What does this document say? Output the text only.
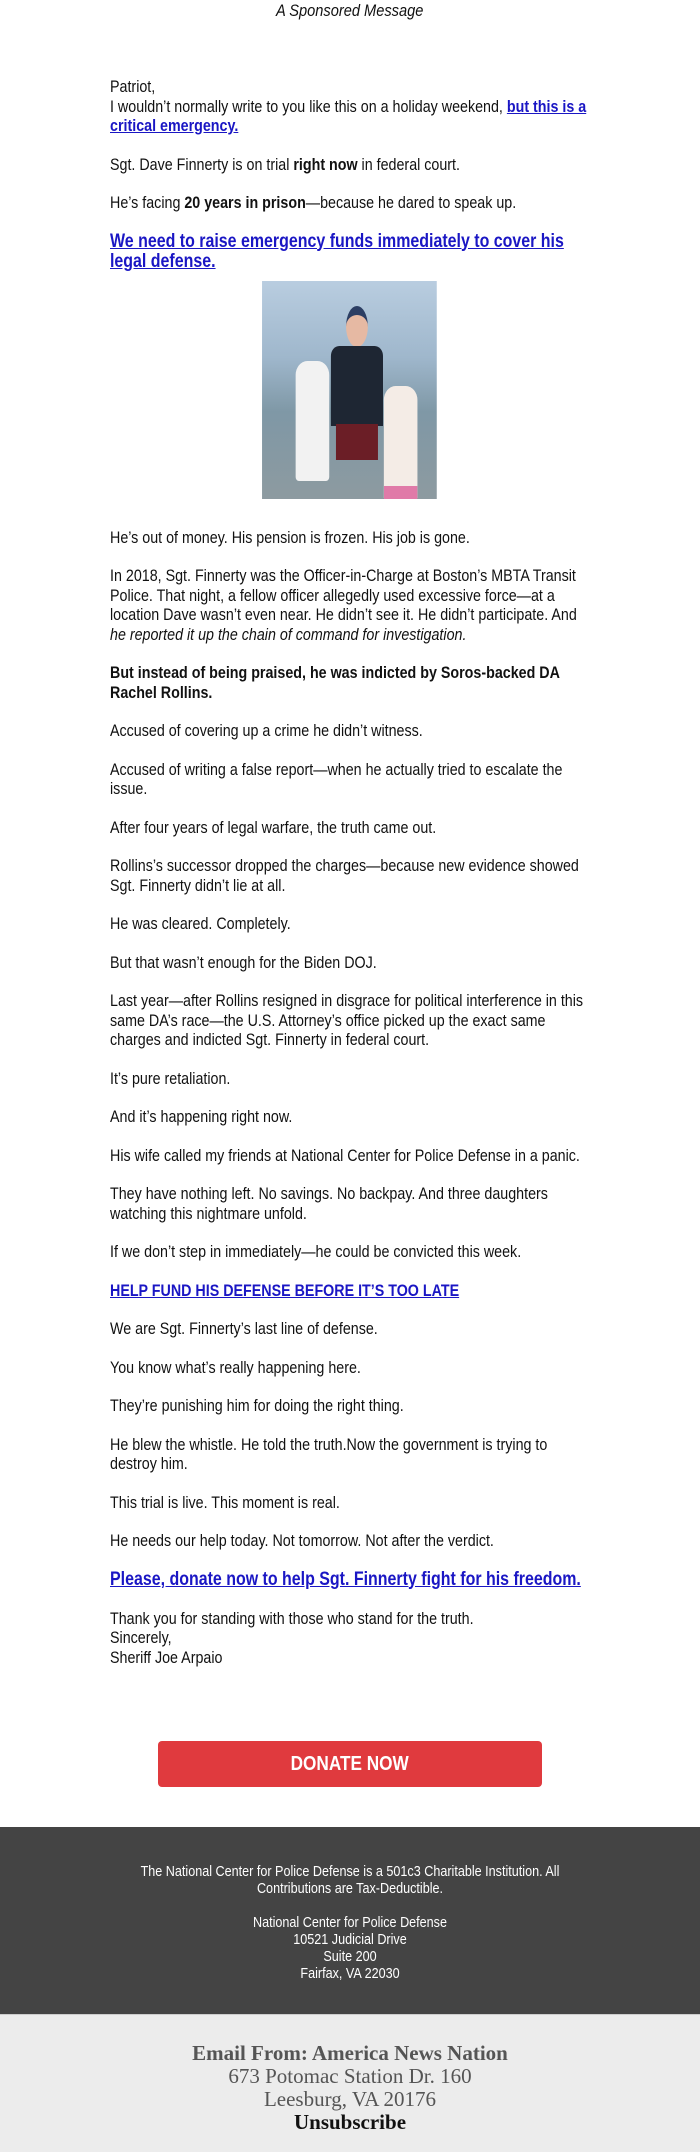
A Sponsored Message

Patriot,
I wouldn’t normally write to you like this on a holiday weekend, but this is a critical emergency.

Sgt. Dave Finnerty is on trial right now in federal court.

He’s facing 20 years in prison—because he dared to speak up.

We need to raise emergency funds immediately to cover his legal defense.

He’s out of money. His pension is frozen. His job is gone.

In 2018, Sgt. Finnerty was the Officer-in-Charge at Boston’s MBTA Transit Police. That night, a fellow officer allegedly used excessive force—at a location Dave wasn’t even near. He didn’t see it. He didn’t participate. And he reported it up the chain of command for investigation.

But instead of being praised, he was indicted by Soros-backed DA Rachel Rollins.

Accused of covering up a crime he didn’t witness.

Accused of writing a false report—when he actually tried to escalate the issue.

After four years of legal warfare, the truth came out.

Rollins’s successor dropped the charges—because new evidence showed Sgt. Finnerty didn’t lie at all.

He was cleared. Completely.

But that wasn’t enough for the Biden DOJ.

Last year—after Rollins resigned in disgrace for political interference in this same DA’s race—the U.S. Attorney’s office picked up the exact same charges and indicted Sgt. Finnerty in federal court.

It’s pure retaliation.

And it’s happening right now.

His wife called my friends at National Center for Police Defense in a panic.

They have nothing left. No savings. No backpay. And three daughters watching this nightmare unfold.

If we don’t step in immediately—he could be convicted this week.

HELP FUND HIS DEFENSE BEFORE IT’S TOO LATE

We are Sgt. Finnerty’s last line of defense.

You know what’s really happening here.

They’re punishing him for doing the right thing.

He blew the whistle. He told the truth.Now the government is trying to destroy him.

This trial is live. This moment is real.

He needs our help today. Not tomorrow. Not after the verdict.

Please, donate now to help Sgt. Finnerty fight for his freedom.

Thank you for standing with those who stand for the truth.
Sincerely,
Sheriff Joe Arpaio

DONATE NOW

The National Center for Police Defense is a 501c3 Charitable Institution. All Contributions are Tax-Deductible.

National Center for Police Defense
10521 Judicial Drive
Suite 200
Fairfax, VA 22030
Email From: America News Nation
673 Potomac Station Dr. 160
Leesburg, VA 20176
Unsubscribe
